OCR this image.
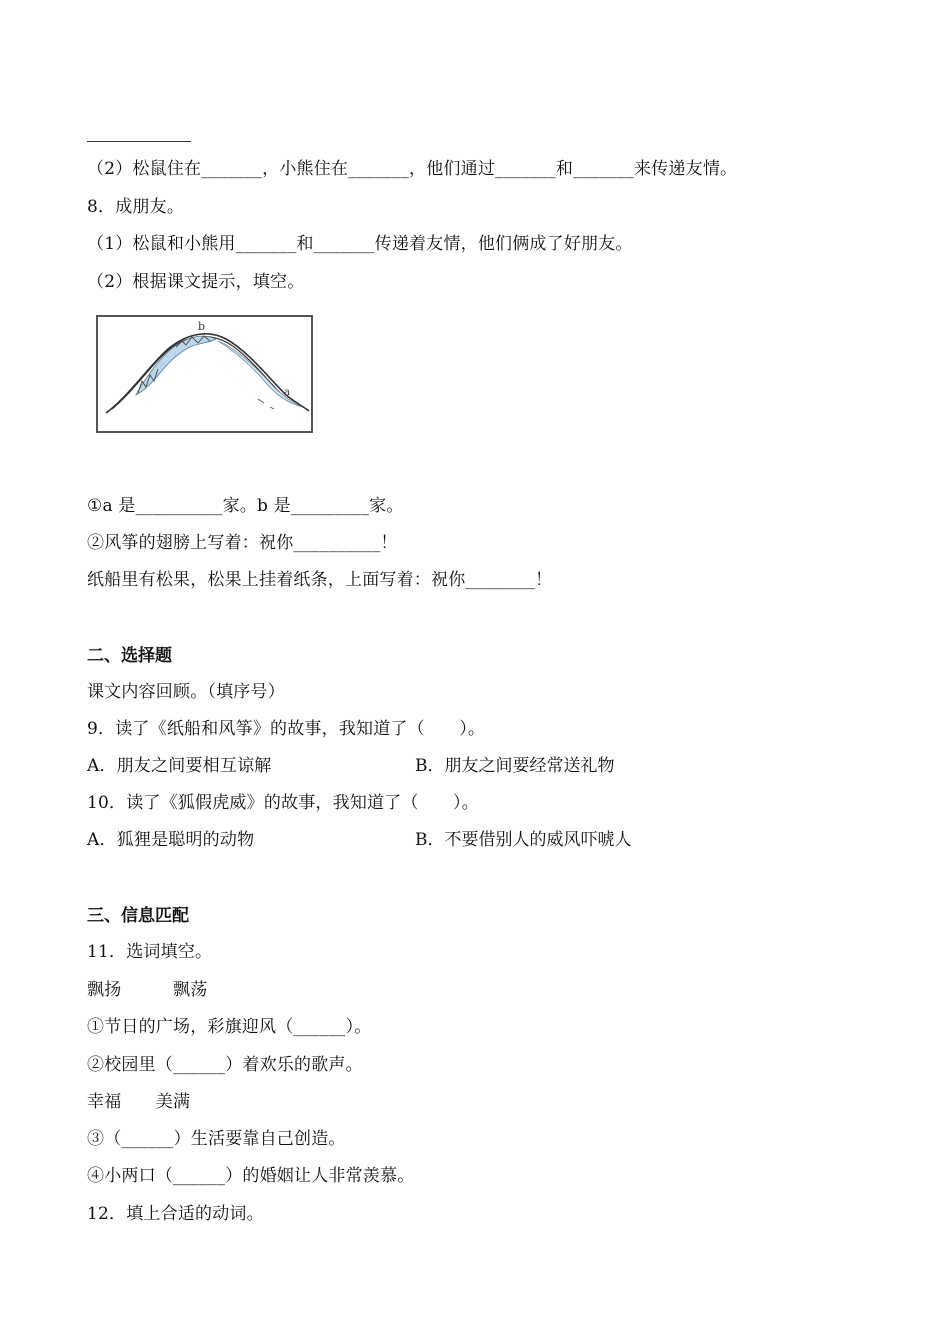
（2）松鼠住在_______，小熊住在_______，他们通过_______和_______来传递友情。
8．成朋友。
（1）松鼠和小熊用_______和_______传递着友情，他们俩成了好朋友。
（2）根据课文提示，填空。
b
a
①a 是__________家。b 是_________家。
②风筝的翅膀上写着：祝你__________！
纸船里有松果，松果上挂着纸条，上面写着：祝你________！
二、选择题
课文内容回顾。（填序号）
9．读了《纸船和风筝》的故事，我知道了（　　）。
A．朋友之间要相互谅解	B．朋友之间要经常送礼物
10．读了《狐假虎威》的故事，我知道了（　　）。
A．狐狸是聪明的动物	B．不要借别人的威风吓唬人
三、信息匹配
11．选词填空。
飘扬　　　飘荡
①节日的广场，彩旗迎风（______）。
②校园里（______）着欢乐的歌声。
幸福　　美满
③（______）生活要靠自己创造。
④小两口（______）的婚姻让人非常羡慕。
12．填上合适的动词。
